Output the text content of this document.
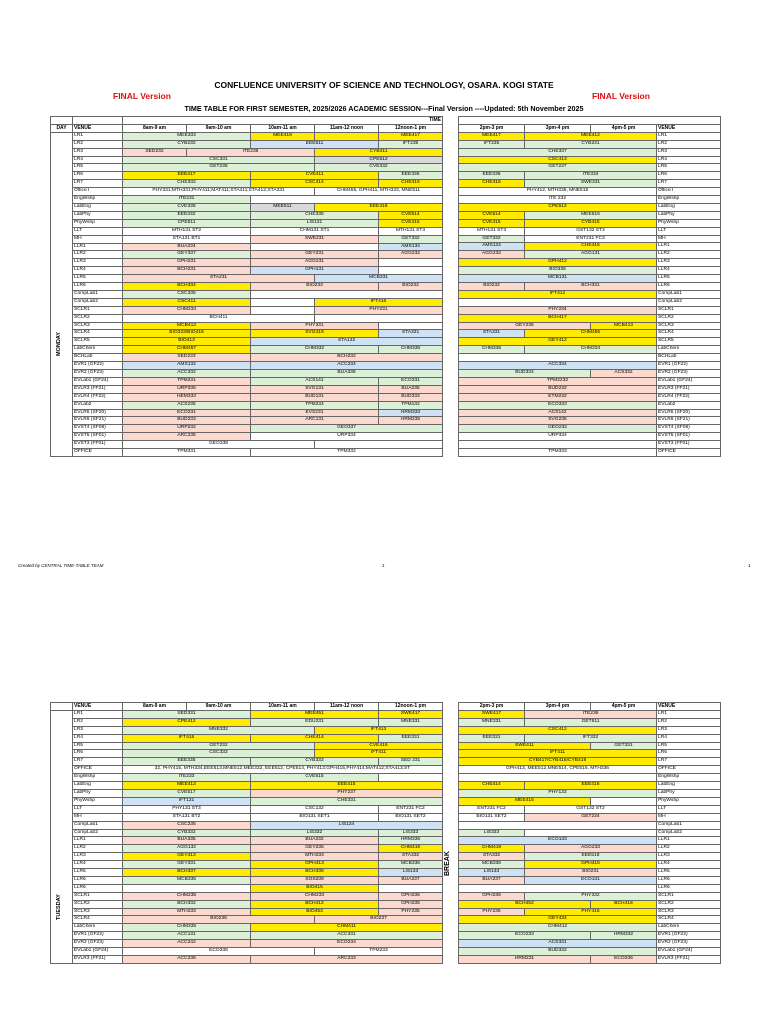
CONFLUENCE UNIVERSITY OF SCIENCE AND TECHNOLOGY, OSARA. KOGI STATE
FINAL Version	FINAL Version
TIME TABLE FOR FIRST SEMESTER, 2025/2026 ACADEMIC SESSION---Final Version ----Updated: 5th November 2025
		TIME				
DAY	VENUE	8am-9 am	9am-10 am	10am-11 am	11am-12 noon	12noon-1 pm
	LR1	MEE333		MEE418		MEE417
	LR2	CYB232		EEE511		IFT235
	LR3	SED232	ITE236		CYB411	
	LR4	CSC331			CPE512	
	LR5	GET235			CVE332	
	LR6	EEE417		CVE411		EEE336
	LR7	CHE332		CSC414		CHE415
	Office I	PHY331;MTH331;PHY411;MAT411;STA411;STA412;STA331			CHM455, GPH411, MTH333, MNE511	
	EngWshp	ITE231				
	LabEng	CVE335		MEE511	EEE418	
	LabPhy	EEE332		CHE335		CVE514
	PhyWshp	CPE511		LIS131		CVE415
	LLT	MTH131 ST2		CHM131 ST1		MTH131 ST3
	MH	STA131 BT1		SWE231		GET332
	LLR1	BUA234				AMS134
	LLR2	GEY337		GEY231		AGG232
	LLR3	GPH231		AGG231		
	LLR4	BCH231		GPH131		
	LLR5	STA231			MCB331	
	LLR6	BCH334		BIO233		BIO232
	CompLab1	CSC335				
	CompLab2	CSC411			IFT416	
	SCLR1	CHM234			PHY231	
	SCLR2	BCH411				
	SCLR3	MCB413		PHY331		
	SCLR4	BIO333/BIO418		SVG419		STA331
	SCLR5	BIO413		STA132		
	LabChem	CHM457		CHM332		CHM336
	BCHLab	SED233		BCH232		
	EVR1 (GF22)	AMS132		ACC234		
	EVR2 (GF23)	ACC332		BUA338		
	EVLab1 (GF24)	TPM231		ACS141		ECO331
	EVLR3 (FF21)	URP336		SVG131		BUA235
	EVLR4 (FF22)	HEM333		BUD131		BUD333
	EVLab2	ACS235		TPM234		TPM132
	EVLR5 (SF20)	ECO231		EVS231		HRM333
	EVLR6 (SF21)	BUD233		ARC131		HRM235
	EVST4 (SF09)	URP232		GEO337		
	EVST5 (SF01)	ARC235		URP334		
	EVST3 (FF01)	GEO338				
	OFFICE	TPM331		TPM332		

2pm-3 pm	3pm-4 pm	4pm-5 pm	VENUE
MEE417	MEE412		LR1
IFT235	CYB231		LR2
CHE337			LR3
CSC413			LR4
GET237			LR5
EEE336	ITE334		LR6
CHE415	SWE331		LR7
PHY412, MTH335, MNE515			Office I
ITE 232			EngWshp
CPE513			LabEng
CVE514	MEE515		LabPhy
CVE415	CYB415		PhyWshp
MTH131 ST3	GST132 ST3		LLT
GET332	ENT231 FC3		MH
AMS134	CHE415		LLR1
AGG232	AGG131		LLR2
GPH412			LLR3
BIO335			LLR4
MCB131			LLR5
BIO232	BCH331		LLR6
IFT412			CompLab1
			CompLab2
PHY234			SCLR1
BCH417			SCLR2
GEY235		MCB413	SCLR3
STA331	CHM455		SCLR4
GEY412			SCLR5
CHM336	CHM334		LabChem
			BCHLab
ACC334			EVR1 (GF22)
BUD334		ACS332	EVR2 (GF23)
TPM2232			EVLab1 (GF24)
BUD232			EVLR3 (FF21)
ETM232			EVLR4 (FF22)
ECO333			EVLab2
ACS142			EVLR5 (SF20)
SVG235			EVLR6 (SF21)
GEO232			EVST4 (SF09)
URP334			EVST5 (SF01)
			EVST3 (FF01)
TPM333			OFFICE
MONDAY
Created by CENTRAL TIME-TABLE TEAM	1	1
	VENUE	8am-9 am	9am-10 am	10am-11 am	11am-12 noon	12noon-1 pm
	LR1	SED331		MEE451		SWE417
	LR2	CPE412		EDU231		MNE331
	LR3	MNE332			IFT413	
	LR4	IFT415		CHE414		EEE331
	LR5	GET232			CVE416	
	LR6	CSC332			IFT411	
	LR7	EEE335		CYB333		SED 331
	OFFICE	32, PHY415, MTH334,EEE513,MNE512,MEE332, EEE512, CPE514, PHY413;GPH415,PHY414;MAT412;STA413;ST				
	EngWshp	ITE233		CVE515		
	LabEng	MEE413		EEE415		
	LabPhy	CVE517		PHY237		
	PhyWshp	IFT131		CHE331		
	LLT	PHY131 ST3		CSC132		ENT231 FC2
	MH	STA131 BT2		BIO131 SET1		BIO131 SET2
	CompLab1	CSC235		LIS134		
	CompLab2	CYB332		LIS332		LIS333
	LLR1	BUA335		BUA232		HRM336
	LLR2	AGG132		GEY236		CHM419
	LLR3	GEY413		MTH234		STA332
	LLR4	GEY331		GPH413		MCB336
	LLR5	BCH337		BCH338		LIS133
	LLR6	MCB335		SOS239		BUA237
	LLR6			BIO415		
	SCLR1	CHM235		CHM233		GPH236
	SCLR2	BCH332		BCH412		GPH235
	SCLR3	MTH233		BIO453		PHY235
	SCLR4	BIO235			BIO237	
	LabChem	CHM335		CHM411		
	EVR1 (GF22)	ACC131		ACC331		
	EVR2 (GF23)	ACC242		ECO234		
	EVLab1 (GF24)	ECO338			TPM233	
	EVLR3 (FF21)	ACC236		ARC233		
2pm-3 pm	3pm-4 pm	4pm-5 pm	VENUE
SWE417	ITE236		LR1
MNE331	GET511		LR2
CSC412			LR3
EEE331	IFT332		LR4
SWE411		GET331	LR5
IFT411			LR6
CYB417/CYB416/CYB419			LR7
GPH413, MEE512,MNE514, CPE515, MTH336			OFFICE
			EngWshp
CHE414	EEE416		LabEng
PHY133			LabPhy
MEE415			PhyWshp
ENT231 FC2	GST132 ST2		LLT
BIO131 SET2	GET234		MH
			CompLab1
LIS333			CompLab2
ECO133			LLR1
CHM419	AGG233		LLR2
STA332	EEE518		LLR3
MCB336	GPH415		LLR4
LIS133	BIO231		LLR5
BUA237	ECO131		LLR6
			LLR6
GPH236	PHY332		SCLR1
BCH452		BCH418	SCLR2
PHY235	PHY416		SCLR3
GEY434			SCLR4
CHM412			LabChem
ECO233		HRM332	EVR1 (GF22)
ACS331			EVR2 (GF23)
BUD332			EVLab1 (GF24)
HRM231		ECO236	EVLR3 (FF21)
TUESDAY
BREAK
